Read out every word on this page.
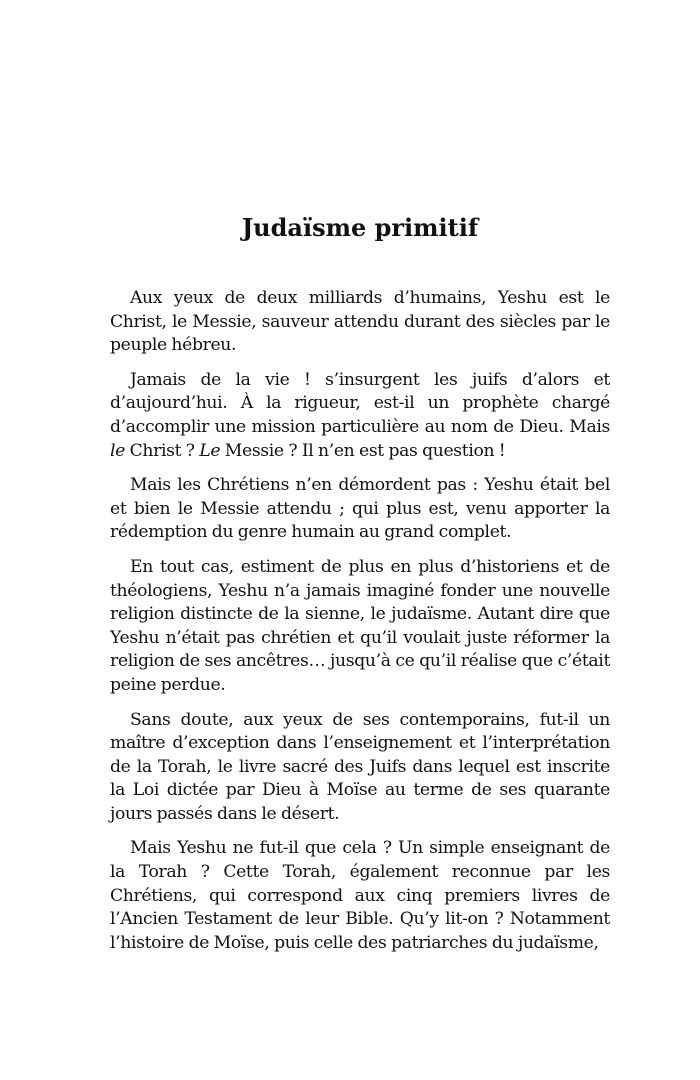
Judaïsme primitif

Aux yeux de deux milliards d’humains, Yeshu est le Christ, le Messie, sauveur attendu durant des siècles par le peuple hébreu.

Jamais de la vie ! s’insurgent les juifs d’alors et d’aujourd’hui. À la rigueur, est-il un prophète chargé d’accomplir une mission particulière au nom de Dieu. Mais le Christ ? Le Messie ? Il n’en est pas question !

Mais les Chrétiens n’en démordent pas : Yeshu était bel et bien le Messie attendu ; qui plus est, venu apporter la rédemption du genre humain au grand complet.

En tout cas, estiment de plus en plus d’historiens et de théologiens, Yeshu n’a jamais imaginé fonder une nouvelle religion distincte de la sienne, le judaïsme. Autant dire que Yeshu n’était pas chrétien et qu’il voulait juste réformer la religion de ses ancêtres… jusqu’à ce qu’il réalise que c’était peine perdue.

Sans doute, aux yeux de ses contemporains, fut-il un maître d’exception dans l’enseignement et l’interprétation de la Torah, le livre sacré des Juifs dans lequel est inscrite la Loi dictée par Dieu à Moïse au terme de ses quarante jours passés dans le désert.

Mais Yeshu ne fut-il que cela ? Un simple enseignant de la Torah ? Cette Torah, également reconnue par les Chrétiens, qui correspond aux cinq premiers livres de l’Ancien Testament de leur Bible. Qu’y lit-on ? Notamment l’histoire de Moïse, puis celle des patriarches du judaïsme,
